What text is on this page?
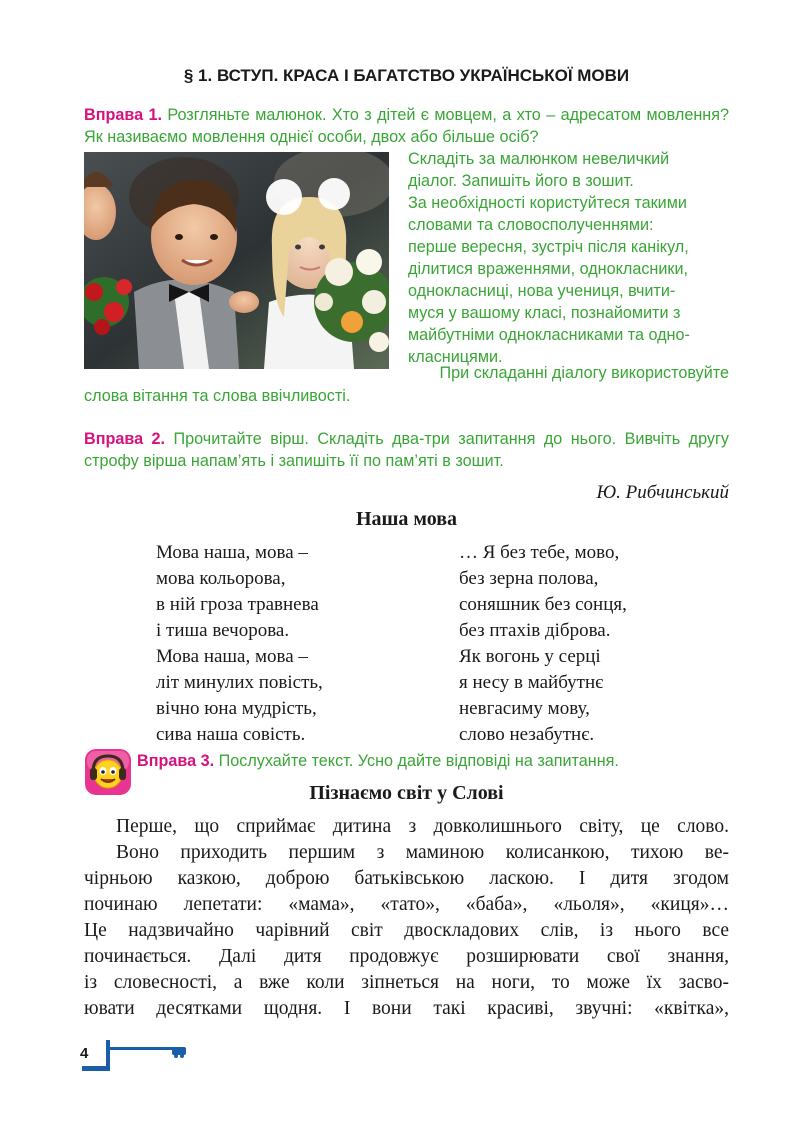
§ 1. ВСТУП. КРАСА І БАГАТСТВО УКРАЇНСЬКОЇ МОВИ
Вправа 1. Розгляньте малюнок. Хто з дітей є мовцем, а хто – адресатом мовлення? Як називаємо мовлення однієї особи, двох або більше осіб?
Складіть за малюнком невеличкий
діалог. Запишіть його в зошит.
За необхідності користуйтеся такими
словами та словосполученнями:
перше вересня, зустріч після канікул,
ділитися враженнями, однокласники,
однокласниці, нова учениця, вчити-
муся у вашому класі, познайомити з
майбутніми однокласниками та одно-
класницями.
При складанні діалогу використовуйте
слова вітання та слова ввічливості.
Вправа 2. Прочитайте вірш. Складіть два-три запитання до нього. Вивчіть другу строфу вірша напам’ять і запишіть її по пам’яті в зошит.
Ю. Рибчинський
Наша мова
Мова наша, мова –
мова кольорова,
в ній гроза травнева
і тиша вечорова.
Мова наша, мова –
літ минулих повість,
вічно юна мудрість,
сива наша совість.
… Я без тебе, мово,
без зерна полова,
соняшник без сонця,
без птахів діброва.
Як вогонь у серці
я несу в майбутнє
невгасиму мову,
слово незабутнє.
Вправа 3. Послухайте текст. Усно дайте відповіді на запитання.
Пізнаємо світ у Слові
Перше, що сприймає дитина з довколишнього світу, це слово.
Воно приходить першим з маминою колисанкою, тихою ве-
чірньою казкою, доброю батьківською ласкою. І дитя згодом
починаю лепетати: «мама», «тато», «баба», «льоля», «киця»…
Це надзвичайно чарівний світ двоскладових слів, із нього все
починається. Далі дитя продовжує розширювати свої знання,
із словесності, а вже коли зіпнеться на ноги, то може їх засво-
ювати десятками щодня. І вони такі красиві, звучні: «квітка»,
4
